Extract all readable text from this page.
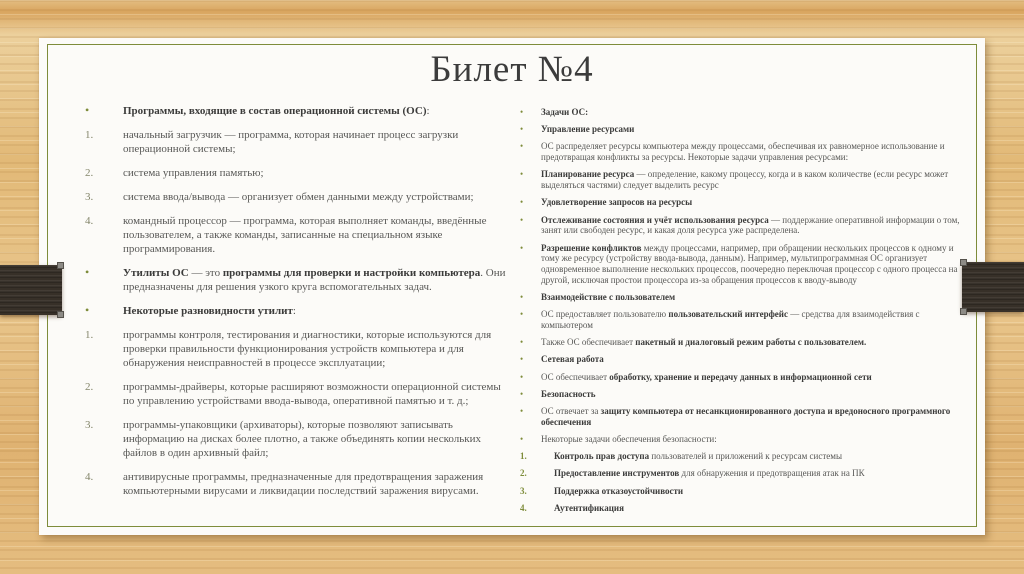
Билет №4
•	Программы, входящие в состав операционной системы (ОС):
1.	начальный загрузчик — программа, которая начинает процесс загрузки операционной системы;
2.	система управления памятью;
3.	система ввода/вывода — организует обмен данными между устройствами;
4.	командный процессор — программа, которая выполняет команды, введённые пользователем, а также команды, записанные на специальном языке программирования.
•	Утилиты ОС — это программы для проверки и настройки компьютера. Они предназначены для решения узкого круга вспомогательных задач.
•	Некоторые разновидности утилит:
1.	программы контроля, тестирования и диагностики, которые используются для проверки правильности функционирования устройств компьютера и для обнаружения неисправностей в процессе эксплуатации;
2.	программы-драйверы, которые расширяют возможности операционной системы по управлению устройствами ввода-вывода, оперативной памятью и т. д.;
3.	программы-упаковщики (архиваторы), которые позволяют записывать информацию на дисках более плотно, а также объединять копии нескольких файлов в один архивный файл;
4.	антивирусные программы, предназначенные для предотвращения заражения компьютерными вирусами и ликвидации последствий заражения вирусами.
•	Задачи ОС:
•	Управление ресурсами
•	ОС распределяет ресурсы компьютера между процессами, обеспечивая их равномерное использование и предотвращая конфликты за ресурсы. Некоторые задачи управления ресурсами:
•	Планирование ресурса — определение, какому процессу, когда и в каком количестве (если ресурс может выделяться частями) следует выделить ресурс
•	Удовлетворение запросов на ресурсы
•	Отслеживание состояния и учёт использования ресурса — поддержание оперативной информации о том, занят или свободен ресурс, и какая доля ресурса уже распределена.
•	Разрешение конфликтов между процессами, например, при обращении нескольких процессов к одному и тому же ресурсу (устройству ввода-вывода, данным). Например, мультипрограммная ОС организует одновременное выполнение нескольких процессов, поочередно переключая процессор с одного процесса на другой, исключая простои процессора из-за обращения процессов к вводу-выводу
•	Взаимодействие с пользователем
•	ОС предоставляет пользователю пользовательский интерфейс — средства для взаимодействия с компьютером
•	Также ОС обеспечивает пакетный и диалоговый режим работы с пользователем.
•	Сетевая работа
•	ОС обеспечивает обработку, хранение и передачу данных в информационной сети
•	Безопасность
•	ОС отвечает за защиту компьютера от несанкционированного доступа и вредоносного программного обеспечения
•	Некоторые задачи обеспечения безопасности:
1.	Контроль прав доступа пользователей и приложений к ресурсам системы
2.	Предоставление инструментов для обнаружения и предотвращения атак на ПК
3.	Поддержка отказоустойчивости
4.	Аутентификация
